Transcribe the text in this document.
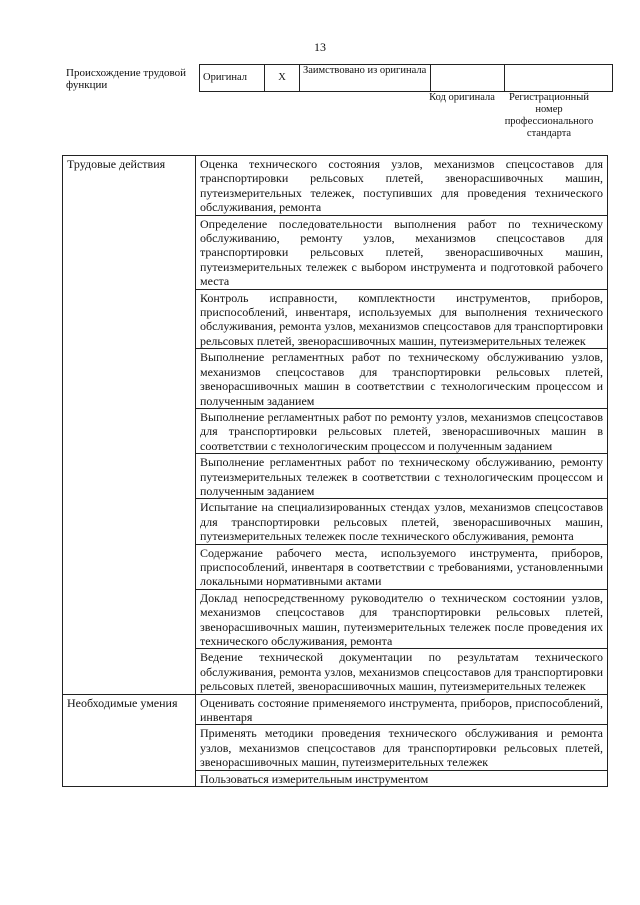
13
Происхождение трудовой функции
Оригинал	X	Заимствовано из оригинала		
Код оригинала	Регистрационный номер профессионального стандарта
Трудовые действия	Оценка технического состояния узлов, механизмов спецсоставов для транспортировки рельсовых плетей, звенорасшивочных машин, путеизмерительных тележек, поступивших для проведения технического обслуживания, ремонта
	Определение последовательности выполнения работ по техническому обслуживанию, ремонту узлов, механизмов спецсоставов для транспортировки рельсовых плетей, звенорасшивочных машин, путеизмерительных тележек с выбором инструмента и подготовкой рабочего места
	Контроль исправности, комплектности инструментов, приборов, приспособлений, инвентаря, используемых для выполнения технического обслуживания, ремонта узлов, механизмов спецсоставов для транспортировки рельсовых плетей, звенорасшивочных машин, путеизмерительных тележек
	Выполнение регламентных работ по техническому обслуживанию узлов, механизмов спецсоставов для транспортировки рельсовых плетей, звенорасшивочных машин в соответствии с технологическим процессом и полученным заданием
	Выполнение регламентных работ по ремонту узлов, механизмов спецсоставов для транспортировки рельсовых плетей, звенорасшивочных машин в соответствии с технологическим процессом и полученным заданием
	Выполнение регламентных работ по техническому обслуживанию, ремонту путеизмерительных тележек в соответствии с технологическим процессом и полученным заданием
	Испытание на специализированных стендах узлов, механизмов спецсоставов для транспортировки рельсовых плетей, звенорасшивочных машин, путеизмерительных тележек после технического обслуживания, ремонта
	Содержание рабочего места, используемого инструмента, приборов, приспособлений, инвентаря в соответствии с требованиями, установленными локальными нормативными актами
	Доклад непосредственному руководителю о техническом состоянии узлов, механизмов спецсоставов для транспортировки рельсовых плетей, звенорасшивочных машин, путеизмерительных тележек после проведения их технического обслуживания, ремонта
	Ведение технической документации по результатам технического обслуживания, ремонта узлов, механизмов спецсоставов для транспортировки рельсовых плетей, звенорасшивочных машин, путеизмерительных тележек
Необходимые умения	Оценивать состояние применяемого инструмента, приборов, приспособлений, инвентаря
	Применять методики проведения технического обслуживания и ремонта узлов, механизмов спецсоставов для транспортировки рельсовых плетей, звенорасшивочных машин, путеизмерительных тележек
	Пользоваться измерительным инструментом
